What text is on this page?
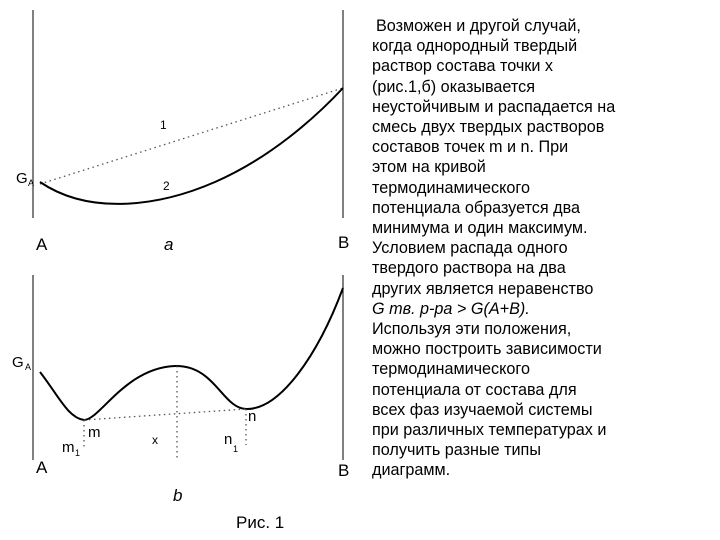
1
2
G A
A	a	B
G A
m
m 1
x
n
n
1
A
b
B
Рис. 1
Возможен и другой случай,
когда однородный твердый
раствор состава точки x
(рис.1,б) оказывается
неустойчивым и распадается на
смесь двух твердых растворов
составов точек m и n. При
этом на кривой
термодинамического
потенциала образуется два
минимума и один максимум.
Условием распада одного
твердого раствора на два
других является неравенство
G тв. р-ра > G(A+B).
Используя эти положения,
можно построить зависимости
термодинамического
потенциала от состава для
всех фаз изучаемой системы
при различных температурах и
получить разные типы
диаграмм.
